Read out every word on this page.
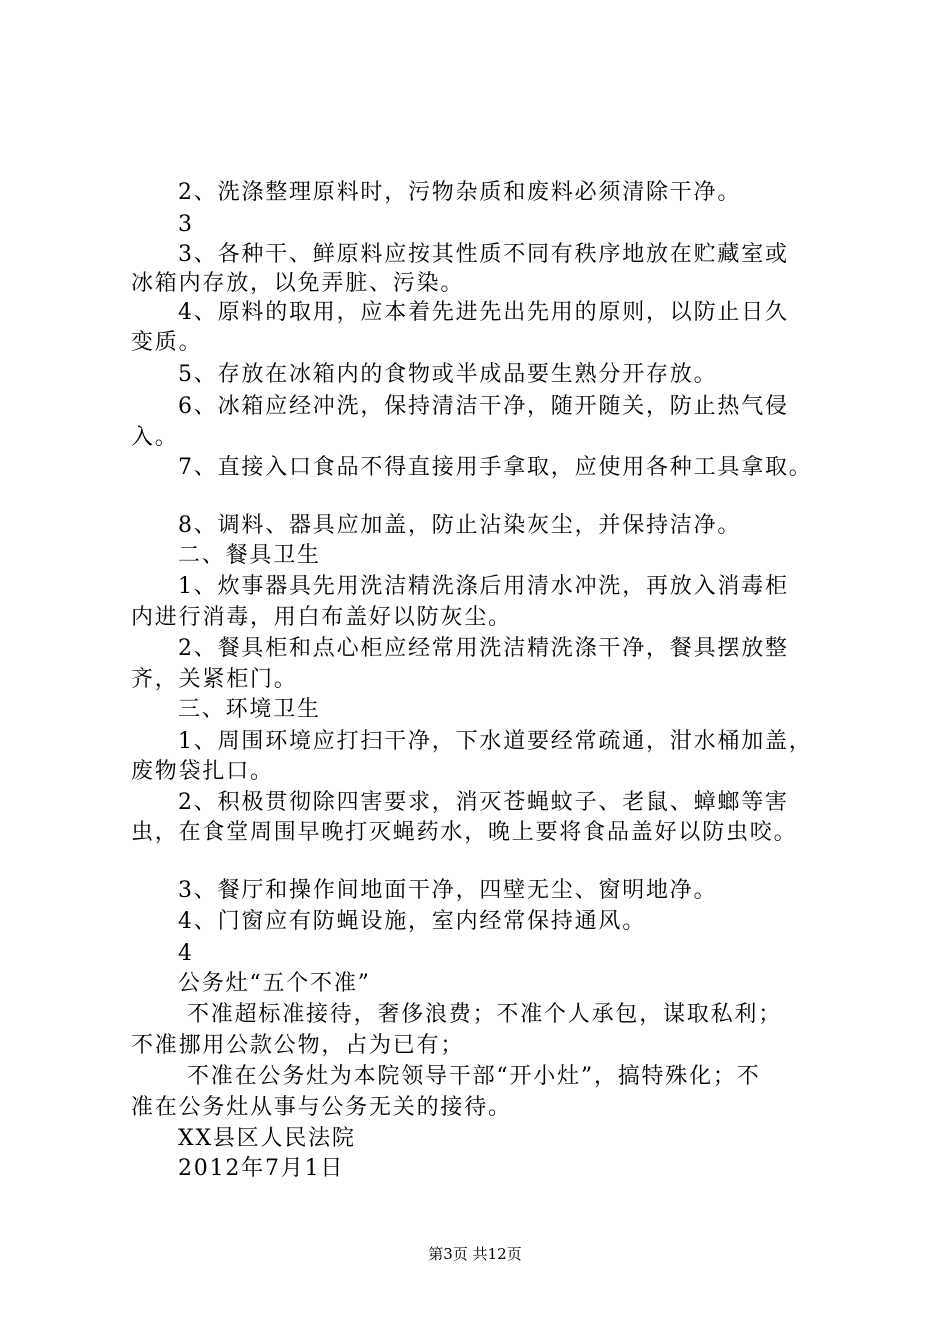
2、洗涤整理原料时，污物杂质和废料必须清除干净。
3
3、各种干、鲜原料应按其性质不同有秩序地放在贮藏室或
冰箱内存放，以免弄脏、污染。
4、原料的取用，应本着先进先出先用的原则，以防止日久
变质。
5、存放在冰箱内的食物或半成品要生熟分开存放。
6、冰箱应经冲洗，保持清洁干净，随开随关，防止热气侵
入。
7、直接入口食品不得直接用手拿取，应使用各种工具拿取。
8、调料、器具应加盖，防止沾染灰尘，并保持洁净。
二、餐具卫生
1、炊事器具先用洗洁精洗涤后用清水冲洗，再放入消毒柜
内进行消毒，用白布盖好以防灰尘。
2、餐具柜和点心柜应经常用洗洁精洗涤干净，餐具摆放整
齐，关紧柜门。
三、环境卫生
1、周围环境应打扫干净，下水道要经常疏通，泔水桶加盖，
废物袋扎口。
2、积极贯彻除四害要求，消灭苍蝇蚊子、老鼠、蟑螂等害
虫，在食堂周围早晚打灭蝇药水，晚上要将食品盖好以防虫咬。
3、餐厅和操作间地面干净，四壁无尘、窗明地净。
4、门窗应有防蝇设施，室内经常保持通风。
4
公务灶“五个不准”
不准超标准接待，奢侈浪费；不准个人承包，谋取私利；
不准挪用公款公物，占为已有；
不准在公务灶为本院领导干部“开小灶”，搞特殊化；不
准在公务灶从事与公务无关的接待。
XX县区人民法院
2012年7月1日
第3页 共12页
